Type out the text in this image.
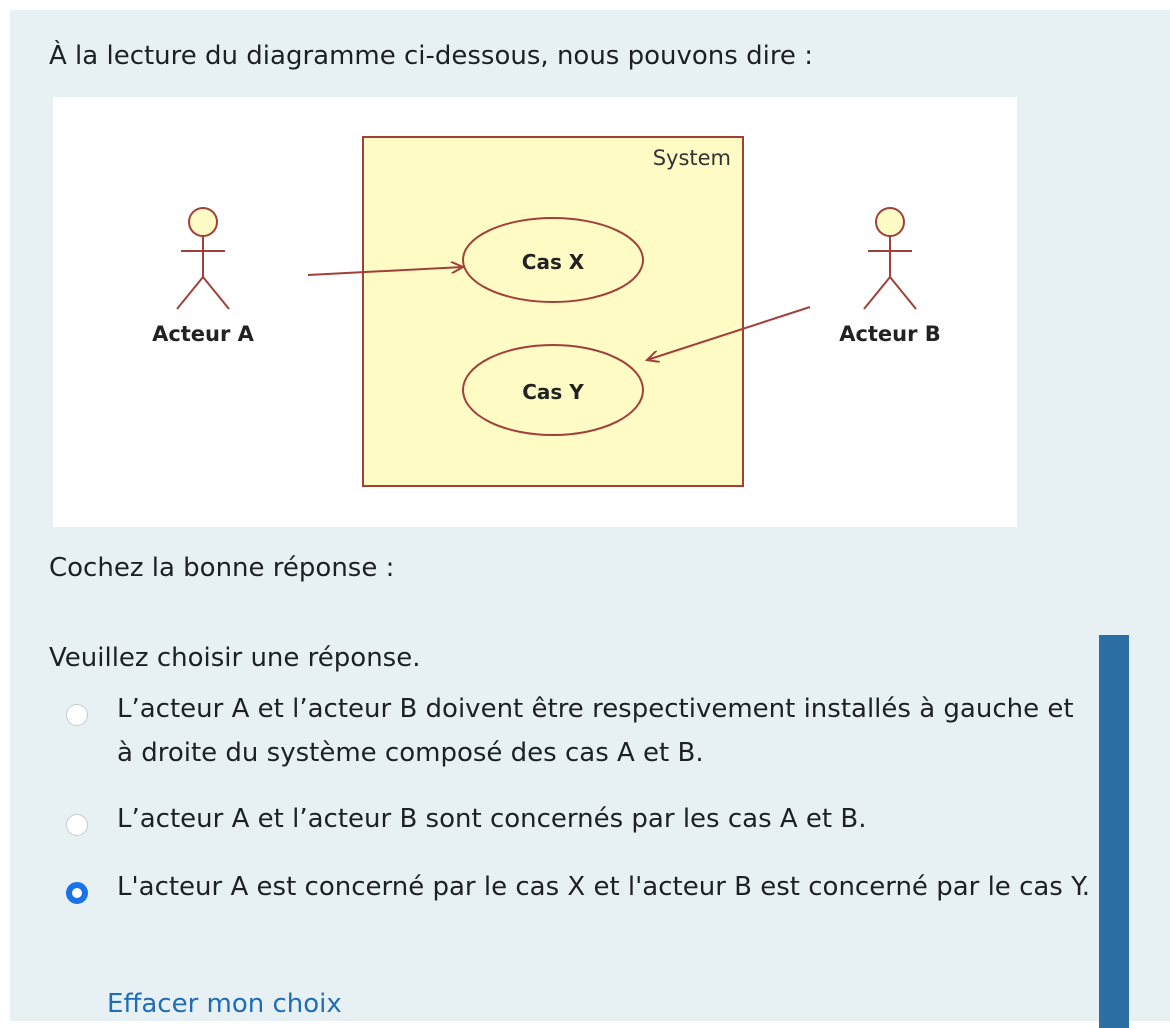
À la lecture du diagramme ci-dessous, nous pouvons dire :

System
Cas X
Cas Y
Acteur A	Acteur B
Cochez la bonne réponse :
Veuillez choisir une réponse.
L’acteur A et l’acteur B doivent être respectivement installés à gauche et à droite du système composé des cas A et B.
L’acteur A et l’acteur B sont concernés par les cas A et B.
L'acteur A est concerné par le cas X et l'acteur B est concerné par le cas Y.
Effacer mon choix
